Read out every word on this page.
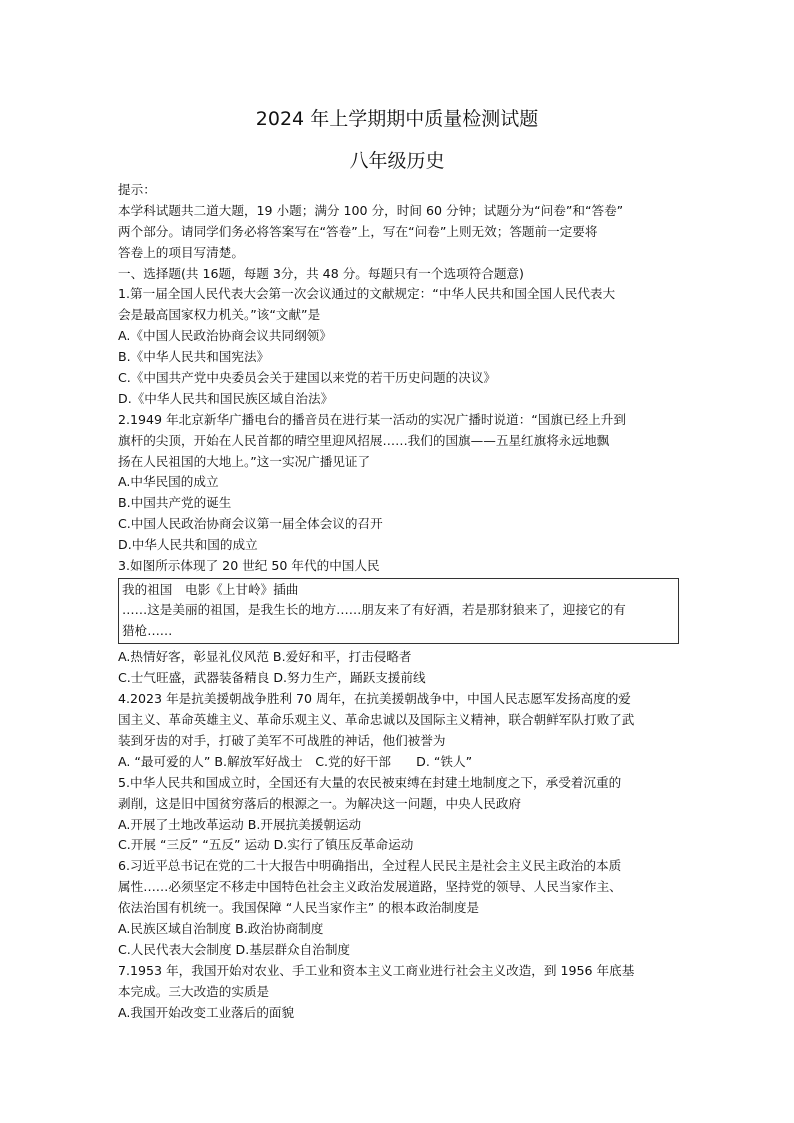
2024 年上学期期中质量检测试题
八年级历史
提示：
本学科试题共二道大题，19 小题；满分 100 分，时间 60 分钟；试题分为“问卷”和“答卷”
两个部分。请同学们务必将答案写在“答卷”上，写在“问卷”上则无效；答题前一定要将
答卷上的项目写清楚。
一、选择题(共 16题，每题 3分，共 48 分。每题只有一个选项符合题意)
1.第一届全国人民代表大会第一次会议通过的文献规定：“中华人民共和国全国人民代表大
会是最高国家权力机关。”该“文献”是
A.《中国人民政治协商会议共同纲领》
B.《中华人民共和国宪法》
C.《中国共产党中央委员会关于建国以来党的若干历史问题的决议》
D.《中华人民共和国民族区域自治法》
2.1949 年北京新华广播电台的播音员在进行某一活动的实况广播时说道：“国旗已经上升到
旗杆的尖顶，开始在人民首都的晴空里迎风招展……我们的国旗——五星红旗将永远地飘
扬在人民祖国的大地上。”这一实况广播见证了
A.中华民国的成立
B.中国共产党的诞生
C.中国人民政治协商会议第一届全体会议的召开
D.中华人民共和国的成立
3.如图所示体现了 20 世纪 50 年代的中国人民
我的祖国　电影《上甘岭》插曲
……这是美丽的祖国，是我生长的地方……朋友来了有好酒，若是那豺狼来了，迎接它的有
猎枪……
A.热情好客，彰显礼仪风范 B.爱好和平，打击侵略者
C.士气旺盛，武器装备精良 D.努力生产，踊跃支援前线
4.2023 年是抗美援朝战争胜利 70 周年，在抗美援朝战争中，中国人民志愿军发扬高度的爱
国主义、革命英雄主义、革命乐观主义、革命忠诚以及国际主义精神，联合朝鲜军队打败了武
装到牙齿的对手，打破了美军不可战胜的神话，他们被誉为
A. “最可爱的人” B.解放军好战士　C.党的好干部　　D. “铁人”
5.中华人民共和国成立时，全国还有大量的农民被束缚在封建土地制度之下，承受着沉重的
剥削，这是旧中国贫穷落后的根源之一。为解决这一问题，中央人民政府
A.开展了土地改革运动 B.开展抗美援朝运动
C.开展 “三反” “五反” 运动 D.实行了镇压反革命运动
6.习近平总书记在党的二十大报告中明确指出，全过程人民民主是社会主义民主政治的本质
属性……必须坚定不移走中国特色社会主义政治发展道路，坚持党的领导、人民当家作主、
依法治国有机统一。我国保障 “人民当家作主” 的根本政治制度是
A.民族区域自治制度 B.政治协商制度
C.人民代表大会制度 D.基层群众自治制度
7.1953 年，我国开始对农业、手工业和资本主义工商业进行社会主义改造，到 1956 年底基
本完成。三大改造的实质是
A.我国开始改变工业落后的面貌
